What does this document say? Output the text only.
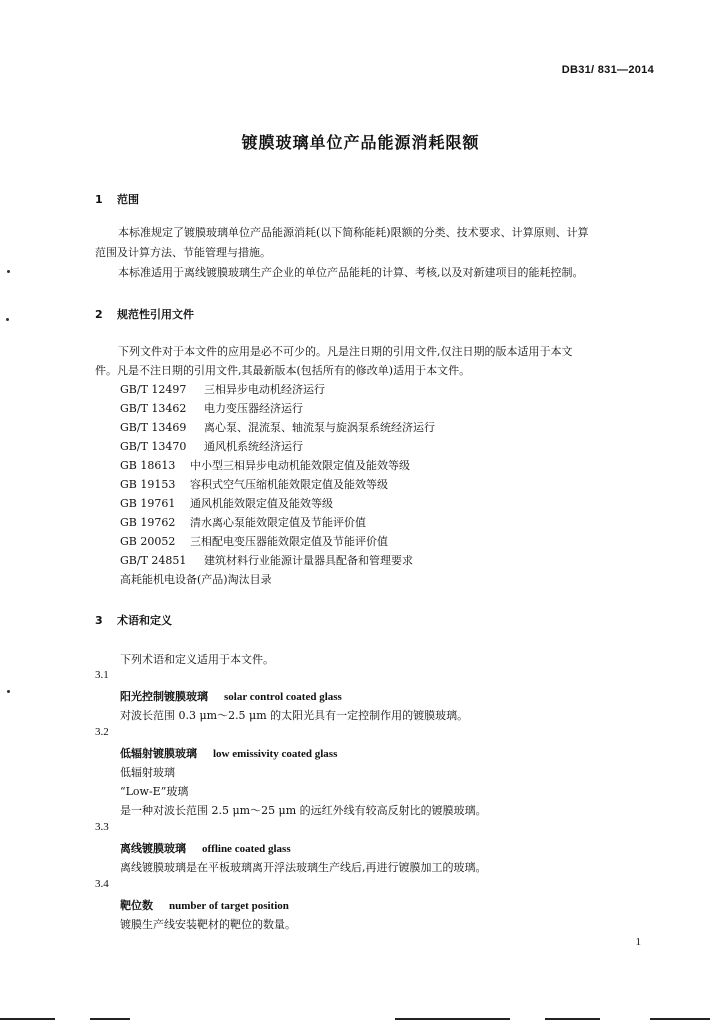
DB31/ 831—2014
镀膜玻璃单位产品能源消耗限额
1 范围
本标准规定了镀膜玻璃单位产品能源消耗(以下简称能耗)限额的分类、技术要求、计算原则、计算
范围及计算方法、节能管理与措施。
本标准适用于离线镀膜玻璃生产企业的单位产品能耗的计算、考核,以及对新建项目的能耗控制。
2 规范性引用文件
下列文件对于本文件的应用是必不可少的。凡是注日期的引用文件,仅注日期的版本适用于本文
件。凡是不注日期的引用文件,其最新版本(包括所有的修改单)适用于本文件。
GB/T 12497 三相异步电动机经济运行
GB/T 13462 电力变压器经济运行
GB/T 13469 离心泵、混流泵、轴流泵与旋涡泵系统经济运行
GB/T 13470 通风机系统经济运行
GB 18613 中小型三相异步电动机能效限定值及能效等级
GB 19153 容积式空气压缩机能效限定值及能效等级
GB 19761 通风机能效限定值及能效等级
GB 19762 清水离心泵能效限定值及节能评价值
GB 20052 三相配电变压器能效限定值及节能评价值
GB/T 24851 建筑材料行业能源计量器具配备和管理要求
高耗能机电设备(产品)淘汰目录
3 术语和定义
下列术语和定义适用于本文件。
3.1
阳光控制镀膜玻璃 solar control coated glass
对波长范围 0.3 μm～2.5 μm 的太阳光具有一定控制作用的镀膜玻璃。
3.2
低辐射镀膜玻璃 low emissivity coated glass
低辐射玻璃
“Low-E”玻璃
是一种对波长范围 2.5 μm～25 μm 的远红外线有较高反射比的镀膜玻璃。
3.3
离线镀膜玻璃 offline coated glass
离线镀膜玻璃是在平板玻璃离开浮法玻璃生产线后,再进行镀膜加工的玻璃。
3.4
靶位数 number of target position
镀膜生产线安装靶材的靶位的数量。
1
